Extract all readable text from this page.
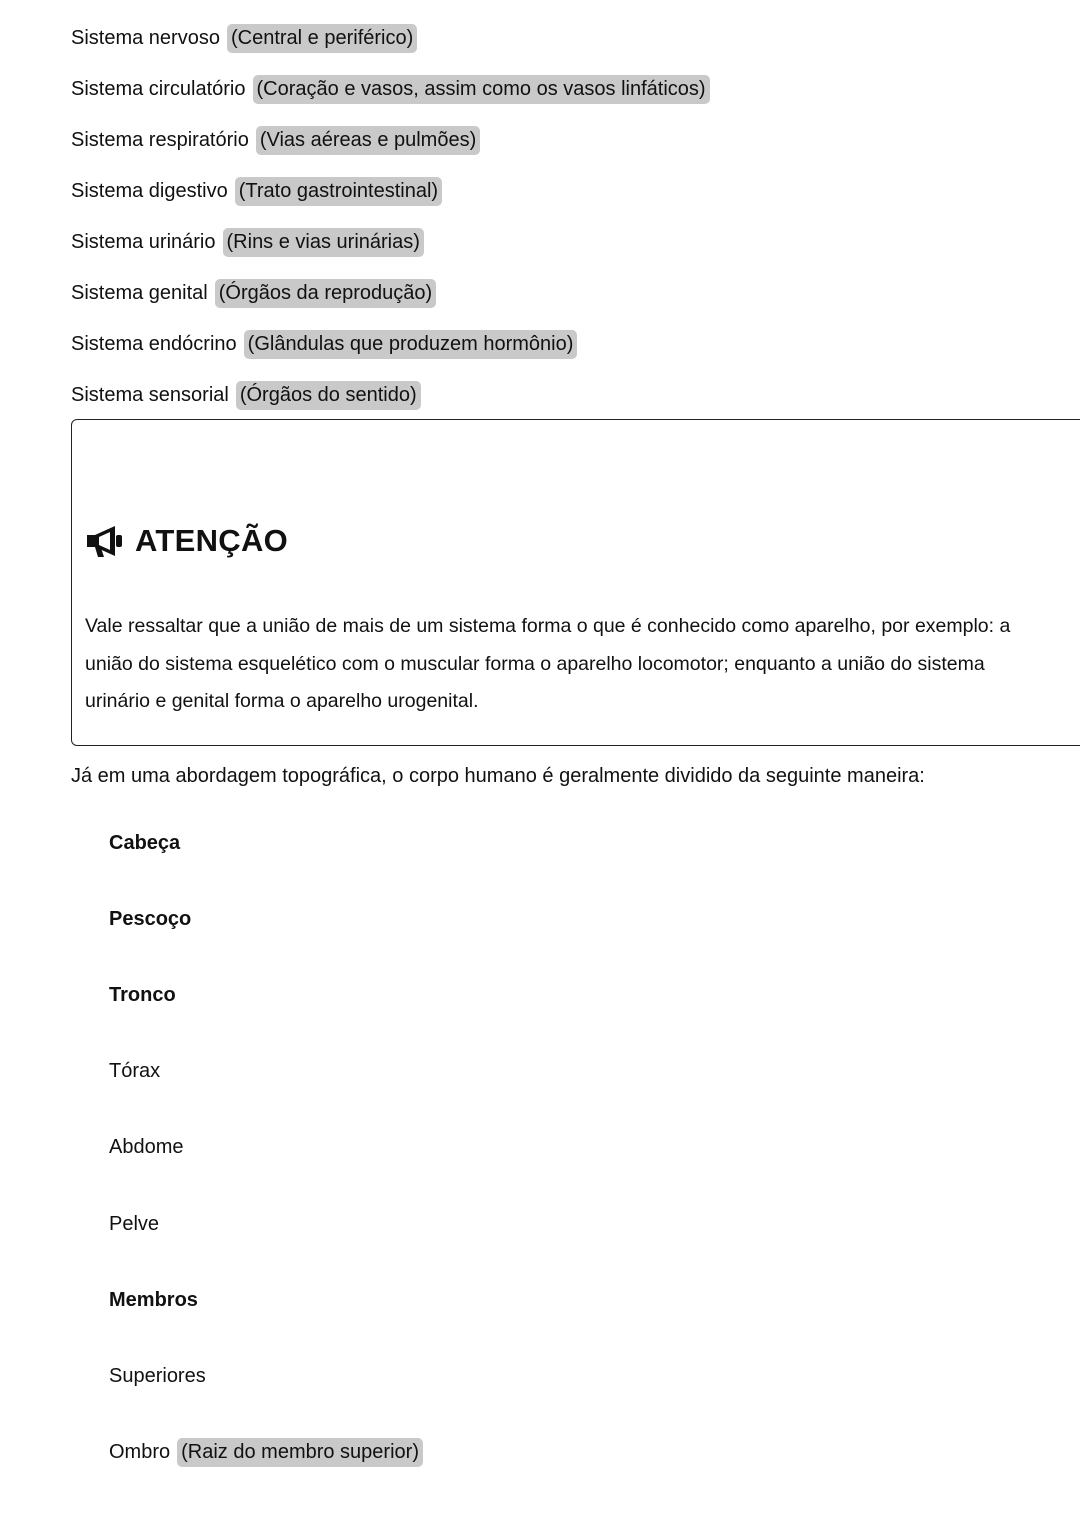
Sistema nervoso (Central e periférico)
Sistema circulatório (Coração e vasos, assim como os vasos linfáticos)
Sistema respiratório (Vias aéreas e pulmões)
Sistema digestivo (Trato gastrointestinal)
Sistema urinário (Rins e vias urinárias)
Sistema genital (Órgãos da reprodução)
Sistema endócrino (Glândulas que produzem hormônio)
Sistema sensorial (Órgãos do sentido)
ATENÇÃO
Vale ressaltar que a união de mais de um sistema forma o que é conhecido como aparelho, por exemplo: a união do sistema esquelético com o muscular forma o aparelho locomotor; enquanto a união do sistema urinário e genital forma o aparelho urogenital.
Já em uma abordagem topográfica, o corpo humano é geralmente dividido da seguinte maneira:
Cabeça
Pescoço
Tronco
Tórax
Abdome
Pelve
Membros
Superiores
Ombro (Raiz do membro superior)
